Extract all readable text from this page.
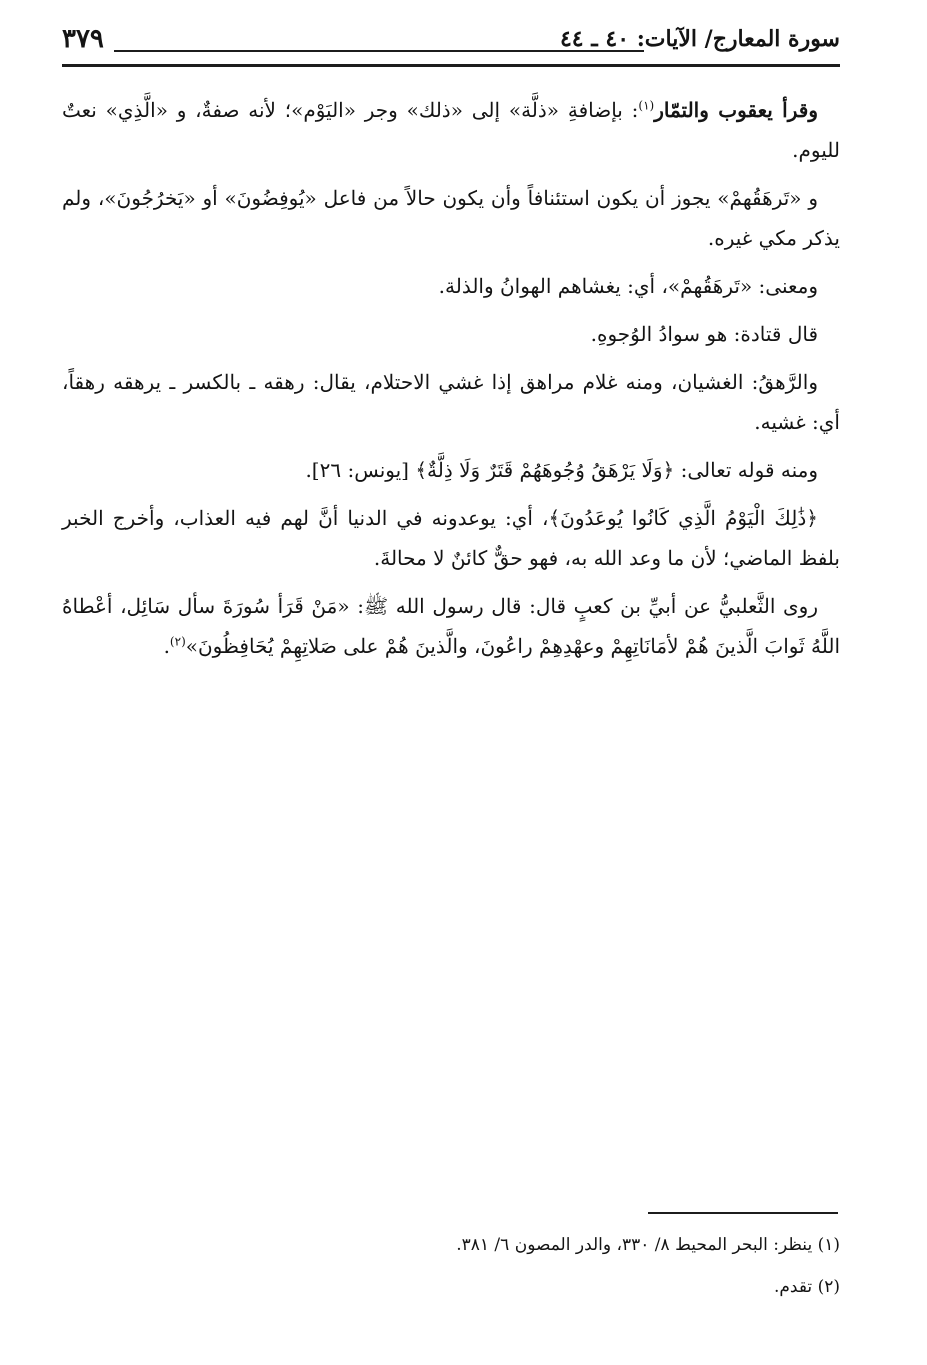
٣٧٩	سورة المعارج/ الآيات: ٤٠ ـ ٤٤

وقرأ يعقوب والتمّار$^{(١)}$: بإضافةِ «ذلَّة» إلى «ذلك» وجر «اليَوْم»؛ لأنه صفةٌ، و «الَّذِي» نعتٌ لليوم.

و «تَرهَقُهمْ» يجوز أن يكون استئنافاً وأن يكون حالاً من فاعل «يُوفِضُونَ» أو «يَخرُجُونَ»، ولم يذكر مكي غيره.

ومعنى: «تَرهَقُهمْ»، أي: يغشاهم الهوانُ والذلة.

قال قتادة: هو سوادُ الوُجوهِ.

والرَّهقُ: الغشيان، ومنه غلام مراهق إذا غشي الاحتلام، يقال: رهقه ـ بالكسر ـ يرهقه رهقاً، أي: غشيه.

ومنه قوله تعالى: ﴿وَلَا يَرْهَقُ وُجُوهَهُمْ قَتَرٌ وَلَا ذِلَّةٌ﴾ [يونس: ٢٦].

﴿ذَٰلِكَ الْيَوْمُ الَّذِي كَانُوا يُوعَدُونَ﴾، أي: يوعدونه في الدنيا أنَّ لهم فيه العذاب، وأخرج الخبر بلفظ الماضي؛ لأن ما وعد الله به، فهو حقٌّ كائنٌ لا محالةَ.

روى الثَّعلبيُّ عن أبيِّ بن كعبٍ قال: قال رسول الله ﷺ: «مَنْ قَرَأ سُورَةَ سأل سَائِل، أعْطاهُ اللَّهُ ثَوابَ الَّذينَ هُمْ لأمَانَاتِهِمْ وعهْدِهِمْ راعُونَ، والَّذينَ هُمْ على صَلاتِهِمْ يُحَافِظُونَ»$^{(٢)}$.

(١) ينظر: البحر المحيط ٨/ ٣٣٠، والدر المصون ٦/ ٣٨١.
(٢) تقدم.
